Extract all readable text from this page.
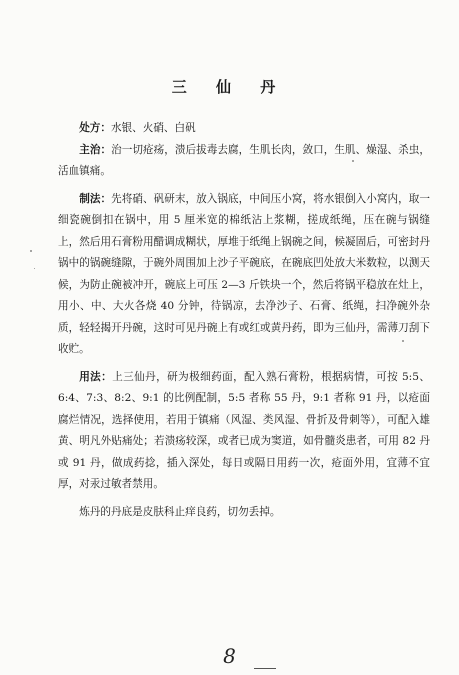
三 仙 丹

处方：水银、火硝、白矾

主治：治一切疮疡，溃后拔毒去腐，生肌长肉，敛口，生肌、燥湿、杀虫，活血镇痛。

制法：先将硝、矾研末，放入锅底，中间压小窝，将水银倒入小窝内，取一细瓷碗倒扣在锅中，用 5 厘米宽的棉纸沾上浆糊，搓成纸绳，压在碗与锅缝上，然后用石膏粉用醋调成糊状，厚堆于纸绳上锅碗之间，候凝固后，可密封丹锅中的锅碗缝隙，于碗外周围加上沙子平碗底，在碗底凹处放大米数粒，以测天候，为防止碗被冲开，碗底上可压 2—3 斤铁块一个，然后将锅平稳放在灶上，用小、中、大火各烧 40 分钟，待锅凉，去净沙子、石膏、纸绳，扫净碗外杂质，轻轻揭开丹碗，这时可见丹碗上有或红或黄丹药，即为三仙丹，需薄刀刮下收贮。

用法：上三仙丹，研为极细药面，配入熟石膏粉，根据病情，可按 5:5、6:4、7:3、8:2、9:1 的比例配制，5:5 者称 55 丹，9:1 者称 91 丹，以疮面腐烂情况，选择使用，若用于镇痛（风湿、类风湿、骨折及骨刺等），可配入雄黄、明凡外贴痛处；若溃疡较深，或者已成为窦道，如骨髓炎患者，可用 82 丹或 91 丹，做成药捻，插入深处，每日或隔日用药一次，疮面外用，宜薄不宜厚，对汞过敏者禁用。

炼丹的丹底是皮肤科止痒良药，切勿丢掉。

8
